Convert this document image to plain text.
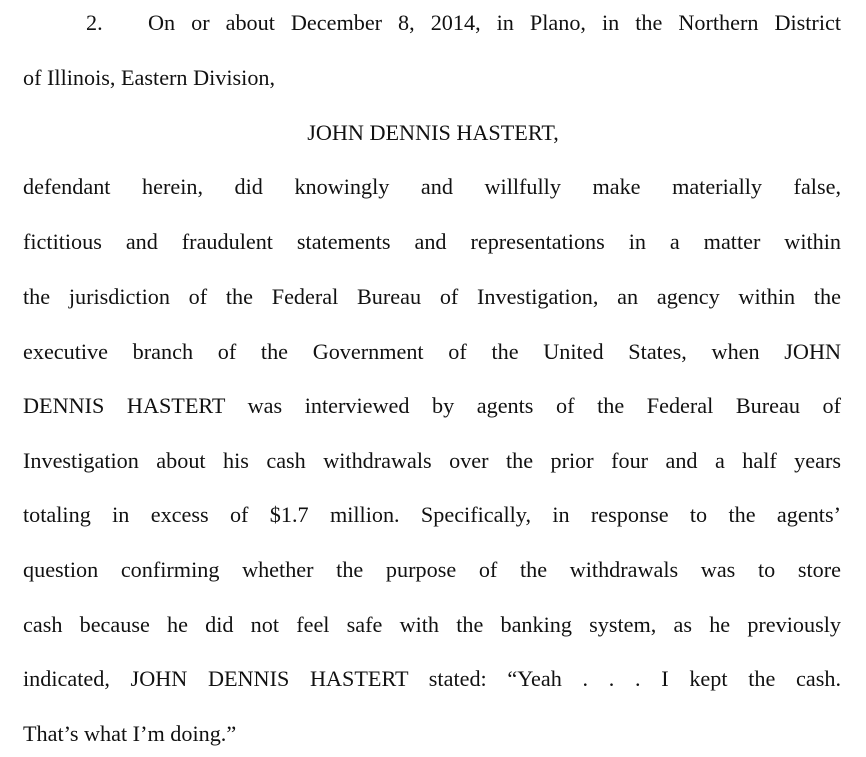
2. On or about December 8, 2014, in Plano, in the Northern District
of Illinois, Eastern Division,
JOHN DENNIS HASTERT,
defendant herein, did knowingly and willfully make materially false,
fictitious and fraudulent statements and representations in a matter within
the jurisdiction of the Federal Bureau of Investigation, an agency within the
executive branch of the Government of the United States, when JOHN
DENNIS HASTERT was interviewed by agents of the Federal Bureau of
Investigation about his cash withdrawals over the prior four and a half years
totaling in excess of $1.7 million. Specifically, in response to the agents’
question confirming whether the purpose of the withdrawals was to store
cash because he did not feel safe with the banking system, as he previously
indicated, JOHN DENNIS HASTERT stated: “Yeah . . . I kept the cash.
That’s what I’m doing.”
